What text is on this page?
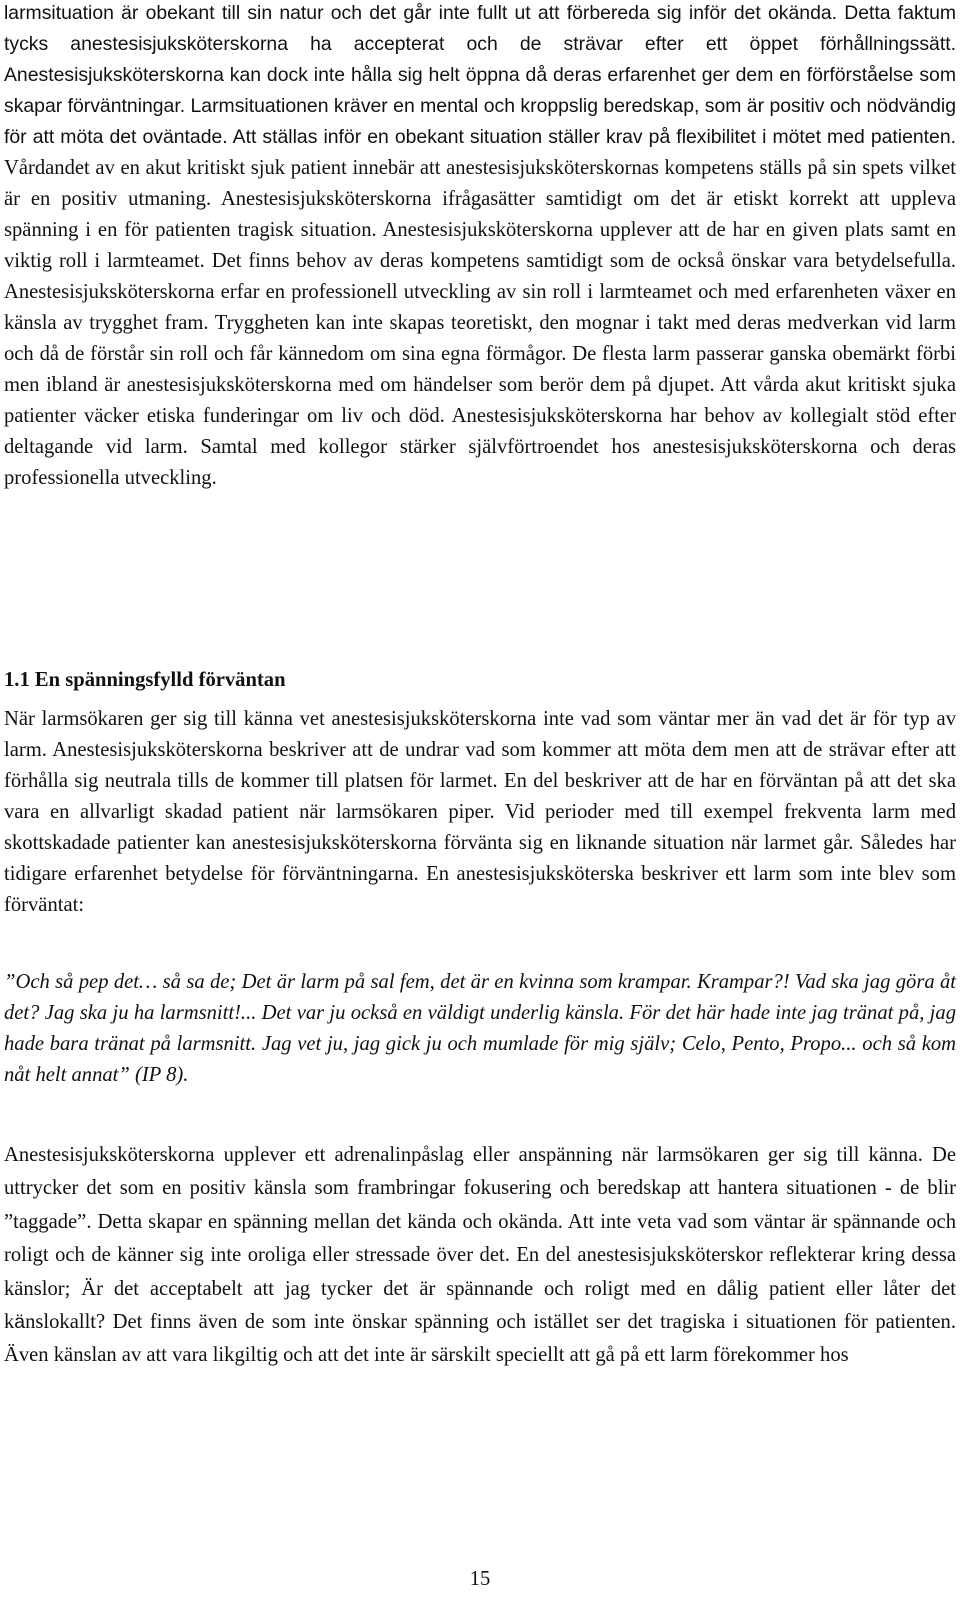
larmsituation är obekant till sin natur och det går inte fullt ut att förbereda sig inför det okända. Detta faktum tycks anestesisjuksköterskorna ha accepterat och de strävar efter ett öppet förhållningssätt. Anestesisjuksköterskorna kan dock inte hålla sig helt öppna då deras erfarenhet ger dem en förförståelse som skapar förväntningar. Larmsituationen kräver en mental och kroppslig beredskap, som är positiv och nödvändig för att möta det oväntade. Att ställas inför en obekant situation ställer krav på flexibilitet i mötet med patienten. Vårdandet av en akut kritiskt sjuk patient innebär att anestesisjuksköterskornas kompetens ställs på sin spets vilket är en positiv utmaning. Anestesisjuksköterskorna ifrågasätter samtidigt om det är etiskt korrekt att uppleva spänning i en för patienten tragisk situation. Anestesisjuksköterskorna upplever att de har en given plats samt en viktig roll i larmteamet. Det finns behov av deras kompetens samtidigt som de också önskar vara betydelsefulla. Anestesisjuksköterskorna erfar en professionell utveckling av sin roll i larmteamet och med erfarenheten växer en känsla av trygghet fram. Tryggheten kan inte skapas teoretiskt, den mognar i takt med deras medverkan vid larm och då de förstår sin roll och får kännedom om sina egna förmågor. De flesta larm passerar ganska obemärkt förbi men ibland är anestesisjuksköterskorna med om händelser som berör dem på djupet. Att vårda akut kritiskt sjuka patienter väcker etiska funderingar om liv och död. Anestesisjuksköterskorna har behov av kollegialt stöd efter deltagande vid larm. Samtal med kollegor stärker självförtroendet hos anestesisjuksköterskorna och deras professionella utveckling.

1.1 En spänningsfylld förväntan

När larmsökaren ger sig till känna vet anestesisjuksköterskorna inte vad som väntar mer än vad det är för typ av larm. Anestesisjuksköterskorna beskriver att de undrar vad som kommer att möta dem men att de strävar efter att förhålla sig neutrala tills de kommer till platsen för larmet. En del beskriver att de har en förväntan på att det ska vara en allvarligt skadad patient när larmsökaren piper. Vid perioder med till exempel frekventa larm med skottskadade patienter kan anestesisjuksköterskorna förvänta sig en liknande situation när larmet går. Således har tidigare erfarenhet betydelse för förväntningarna. En anestesisjuksköterska beskriver ett larm som inte blev som förväntat:

”Och så pep det… så sa de; Det är larm på sal fem, det är en kvinna som krampar. Krampar?! Vad ska jag göra åt det? Jag ska ju ha larmsnitt!... Det var ju också en väldigt underlig känsla. För det här hade inte jag tränat på, jag hade bara tränat på larmsnitt. Jag vet ju, jag gick ju och mumlade för mig själv; Celo, Pento, Propo... och så kom nåt helt annat” (IP 8).

Anestesisjuksköterskorna upplever ett adrenalinpåslag eller anspänning när larmsökaren ger sig till känna. De uttrycker det som en positiv känsla som frambringar fokusering och beredskap att hantera situationen - de blir ”taggade”. Detta skapar en spänning mellan det kända och okända. Att inte veta vad som väntar är spännande och roligt och de känner sig inte oroliga eller stressade över det. En del anestesisjuksköterskor reflekterar kring dessa känslor; Är det acceptabelt att jag tycker det är spännande och roligt med en dålig patient eller låter det känslokallt? Det finns även de som inte önskar spänning och istället ser det tragiska i situationen för patienten. Även känslan av att vara likgiltig och att det inte är särskilt speciellt att gå på ett larm förekommer hos

15
